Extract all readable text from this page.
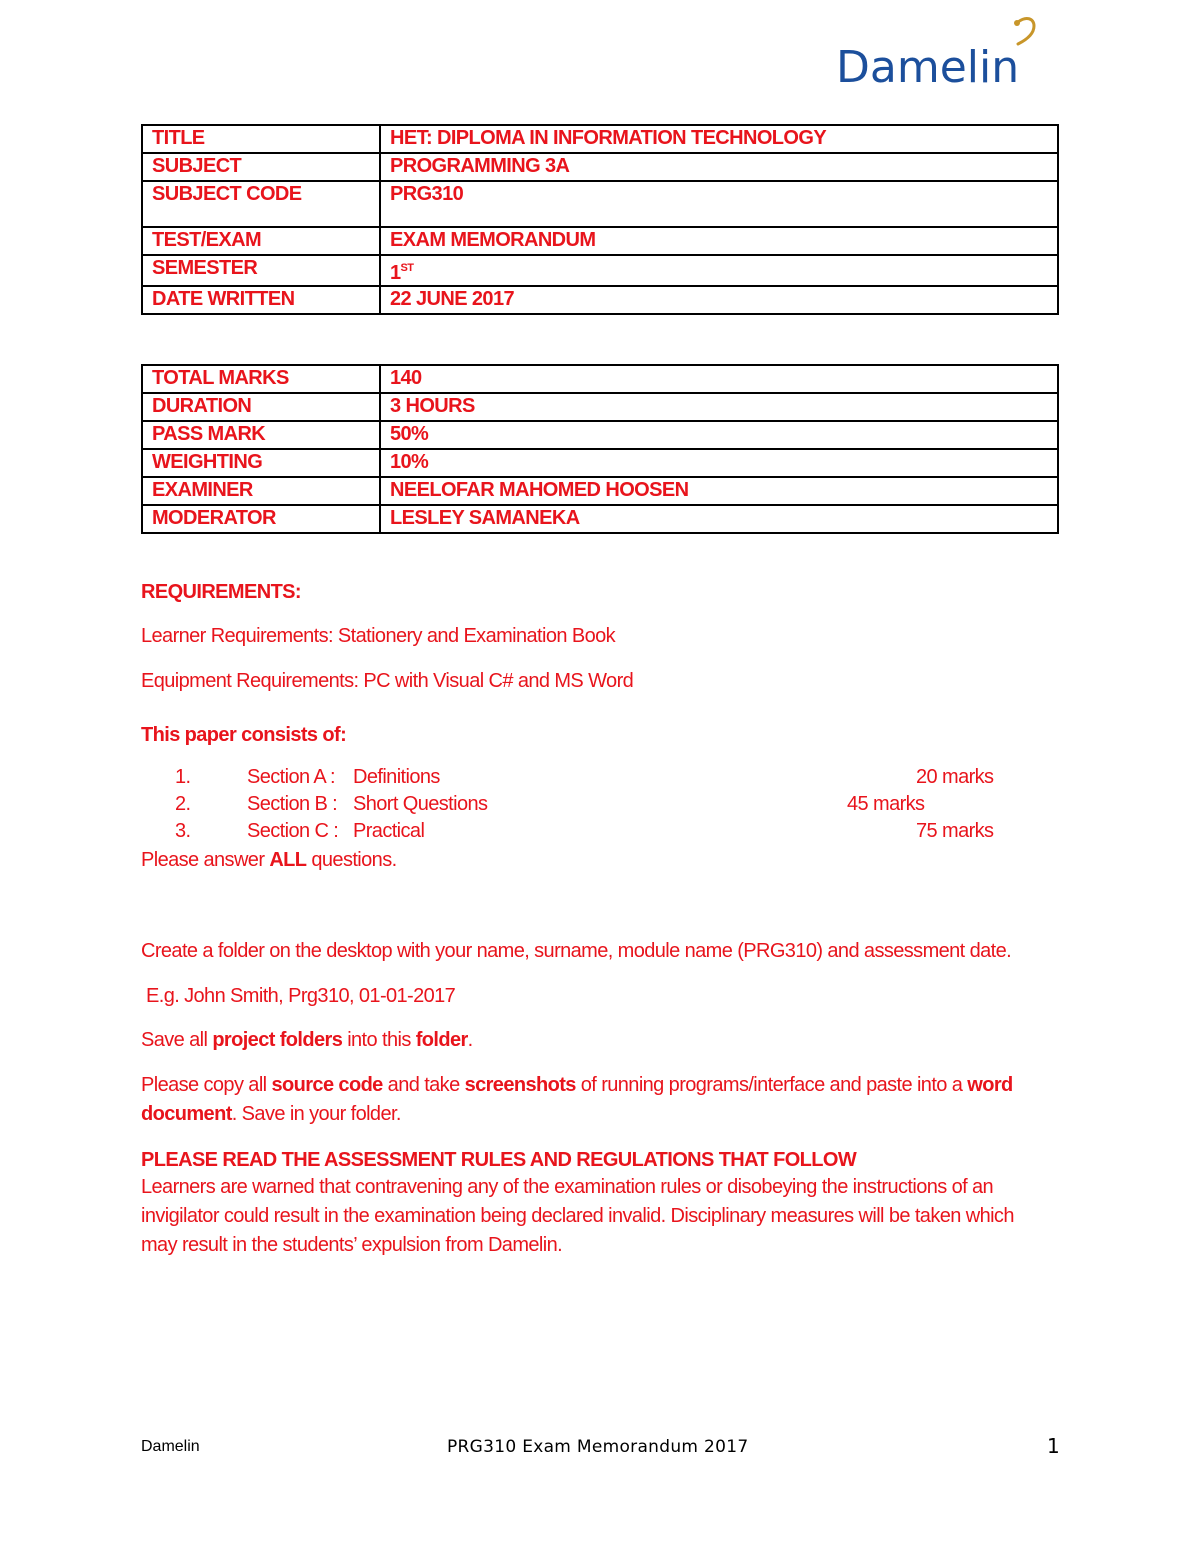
Damelin
TITLE	HET: DIPLOMA IN INFORMATION TECHNOLOGY
SUBJECT	PROGRAMMING 3A
SUBJECT CODE	PRG310
TEST/EXAM	EXAM MEMORANDUM
SEMESTER	1ST
DATE WRITTEN	22 JUNE 2017
TOTAL MARKS	140
DURATION	3 HOURS
PASS MARK	50%
WEIGHTING	10%
EXAMINER	NEELOFAR MAHOMED HOOSEN
MODERATOR	LESLEY SAMANEKA
REQUIREMENTS:
Learner Requirements: Stationery and Examination Book
Equipment Requirements: PC with Visual C# and MS Word
This paper consists of:
1.	Section A : Definitions	20 marks
2.	Section B : Short Questions	45 marks
3.	Section C : Practical	75 marks
Please answer ALL questions.
Create a folder on the desktop with your name, surname, module name (PRG310) and assessment date.
E.g. John Smith, Prg310, 01-01-2017
Save all project folders into this folder.
Please copy all source code and take screenshots of running programs/interface and paste into a word
document. Save in your folder.
PLEASE READ THE ASSESSMENT RULES AND REGULATIONS THAT FOLLOW
Learners are warned that contravening any of the examination rules or disobeying the instructions of an
invigilator could result in the examination being declared invalid. Disciplinary measures will be taken which
may result in the students’ expulsion from Damelin.
Damelin	PRG310 Exam Memorandum 2017	1
